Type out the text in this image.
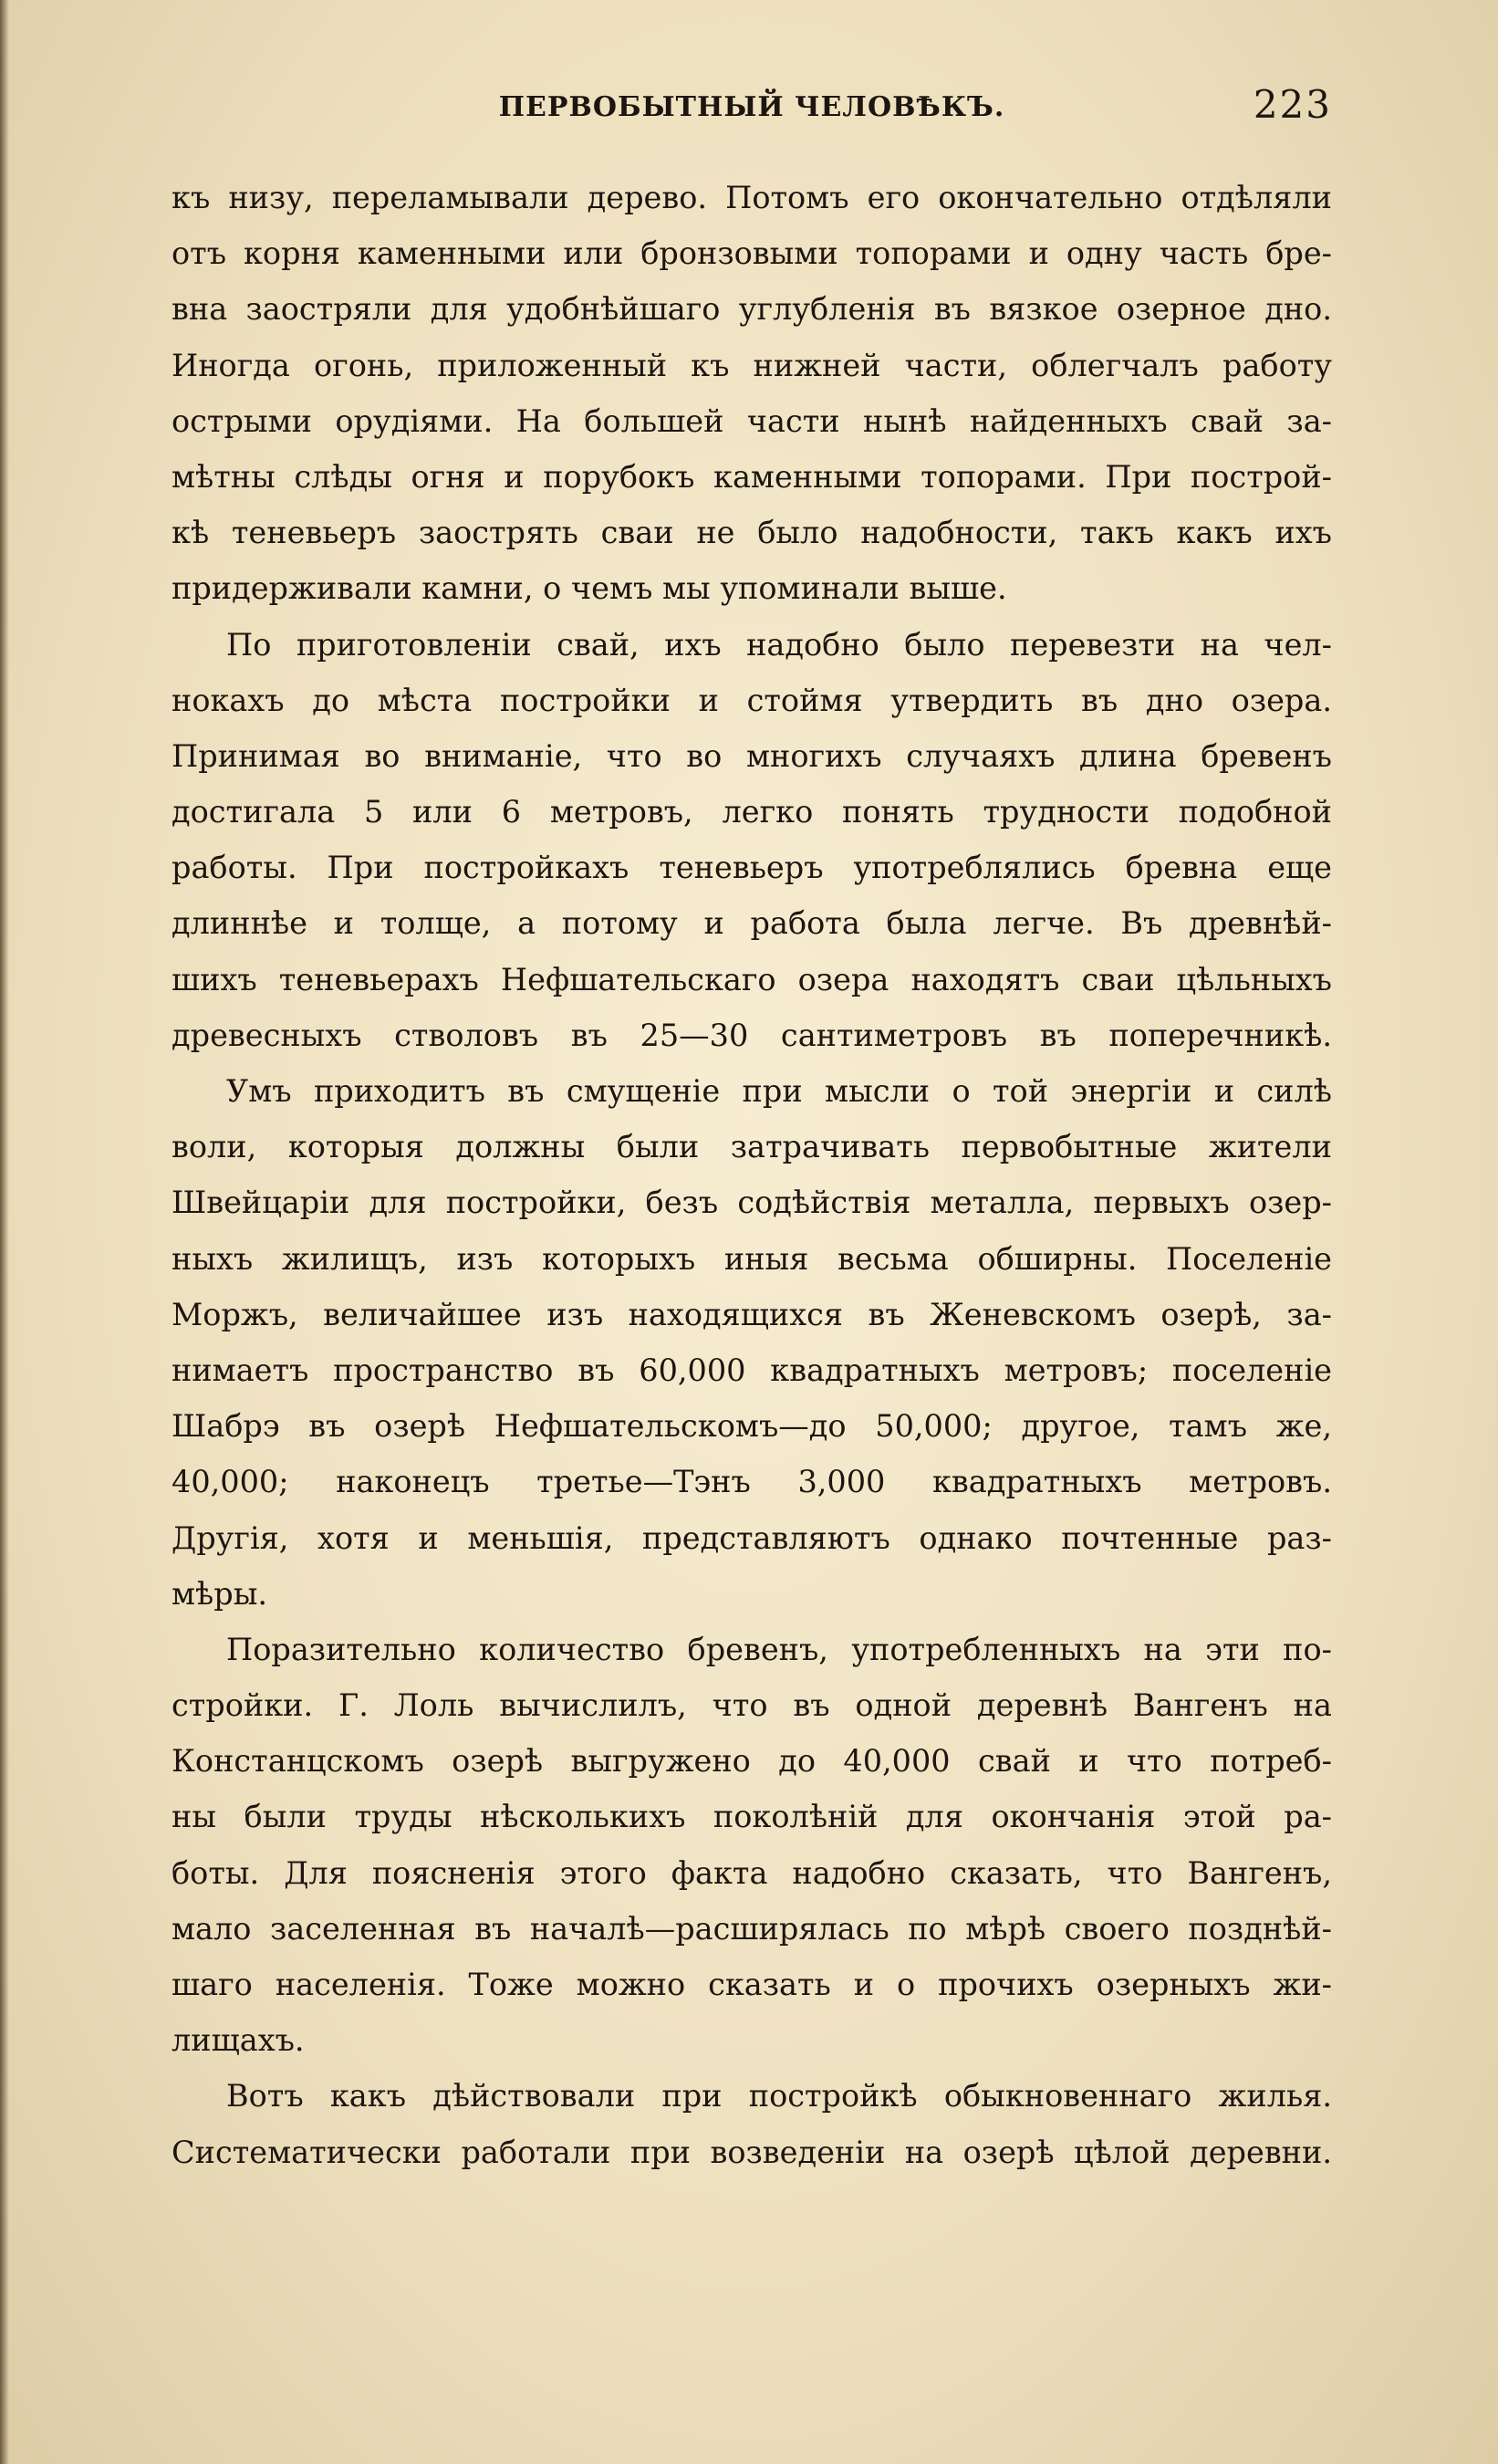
ПЕРВОБЫТНЫЙ ЧЕЛОВѢКЪ.	223
къ низу, переламывали дерево. Потомъ его окончательно отдѣляли
отъ корня каменными или бронзовыми топорами и одну часть бре-
вна заостряли для удобнѣйшаго углубленія въ вязкое озерное дно.
Иногда огонь, приложенный къ нижней части, облегчалъ работу
острыми орудіями. На большей части нынѣ найденныхъ свай за-
мѣтны слѣды огня и порубокъ каменными топорами. При построй-
кѣ теневьеръ заострять сваи не было надобности, такъ какъ ихъ
придерживали камни, о чемъ мы упоминали выше.
По приготовленіи свай, ихъ надобно было перевезти на чел-
нокахъ до мѣста постройки и стоймя утвердить въ дно озера.
Принимая во вниманіе, что во многихъ случаяхъ длина бревенъ
достигала 5 или 6 метровъ, легко понять трудности подобной
работы. При постройкахъ теневьеръ употреблялись бревна еще
длиннѣе и толще, а потому и работа была легче. Въ древнѣй-
шихъ теневьерахъ Нефшательскаго озера находятъ сваи цѣльныхъ
древесныхъ стволовъ въ 25—30 сантиметровъ въ поперечникѣ.
Умъ приходитъ въ смущеніе при мысли о той энергіи и силѣ
воли, которыя должны были затрачивать первобытные жители
Швейцаріи для постройки, безъ содѣйствія металла, первыхъ озер-
ныхъ жилищъ, изъ которыхъ иныя весьма обширны. Поселеніе
Моржъ, величайшее изъ находящихся въ Женевскомъ озерѣ, за-
нимаетъ пространство въ 60,000 квадратныхъ метровъ; поселеніе
Шабрэ въ озерѣ Нефшательскомъ—до 50,000; другое, тамъ же,
40,000; наконецъ третье—Тэнъ 3,000 квадратныхъ метровъ.
Другія, хотя и меньшія, представляютъ однако почтенные раз-
мѣры.
Поразительно количество бревенъ, употребленныхъ на эти по-
стройки. Г. Лоль вычислилъ, что въ одной деревнѣ Вангенъ на
Констанцскомъ озерѣ выгружено до 40,000 свай и что потреб-
ны были труды нѣсколькихъ поколѣній для окончанія этой ра-
боты. Для поясненія этого факта надобно сказать, что Вангенъ,
мало заселенная въ началѣ—расширялась по мѣрѣ своего позднѣй-
шаго населенія. Тоже можно сказать и о прочихъ озерныхъ жи-
лищахъ.
Вотъ какъ дѣйствовали при постройкѣ обыкновеннаго жилья.
Систематически работали при возведеніи на озерѣ цѣлой деревни.
